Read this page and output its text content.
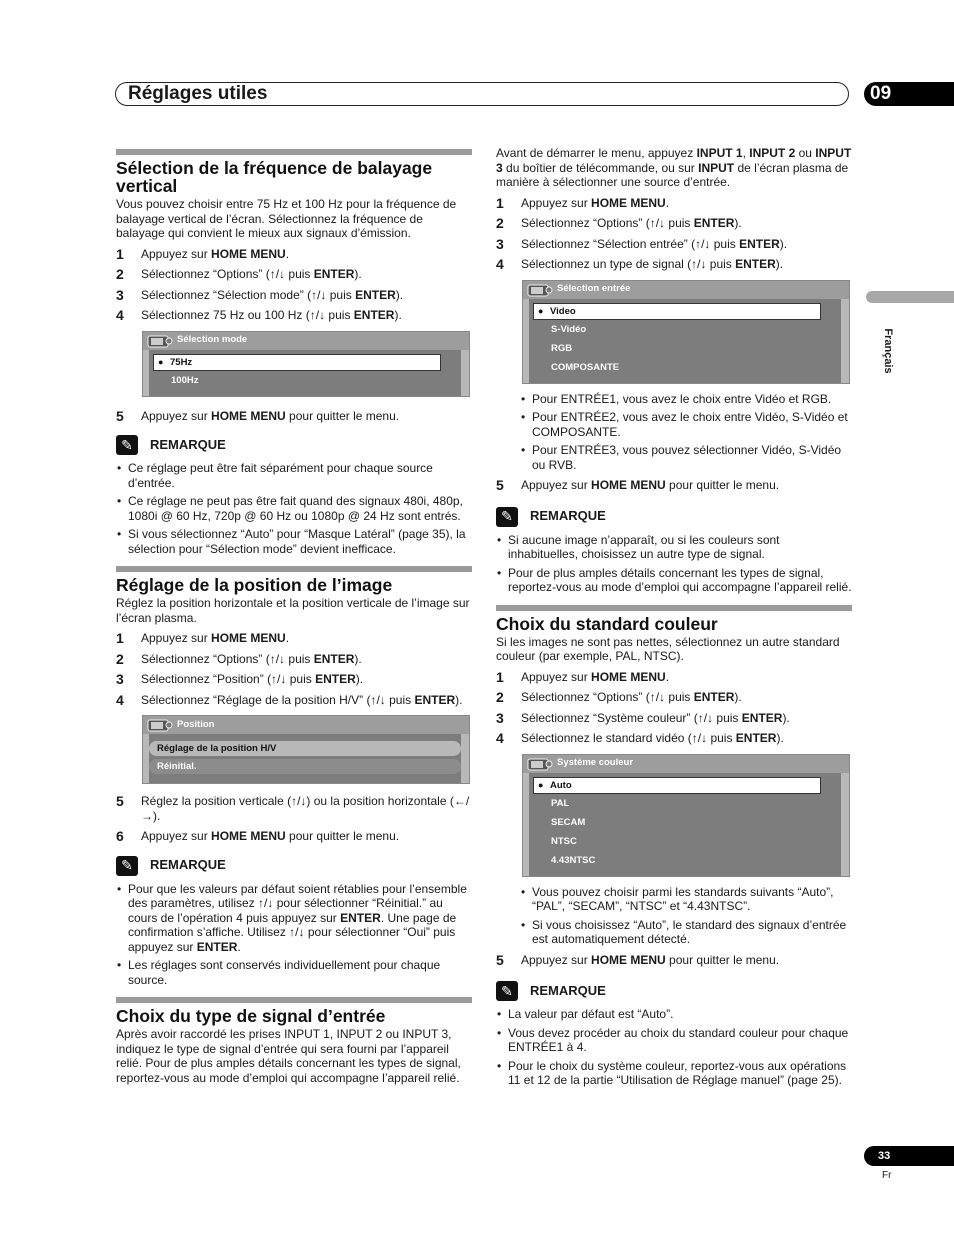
Réglages utiles	09
Français
33
Fr
Sélection de la fréquence de balayage vertical

Vous pouvez choisir entre 75 Hz et 100 Hz pour la fréquence de balayage vertical de l’écran. Sélectionnez la fréquence de balayage qui convient le mieux aux signaux d’émission.

1	Appuyez sur HOME MENU.
2	Sélectionnez “Options” (↑/↓ puis ENTER).
3	Sélectionnez “Sélection mode” (↑/↓ puis ENTER).
4	Sélectionnez 75 Hz ou 100 Hz (↑/↓ puis ENTER).
Sélection mode
● 75Hz
100Hz
5	Appuyez sur HOME MENU pour quitter le menu.
✎	REMARQUE
• Ce réglage peut être fait séparément pour chaque source d’entrée.
• Ce réglage ne peut pas être fait quand des signaux 480i, 480p, 1080i @ 60 Hz, 720p @ 60 Hz ou 1080p @ 24 Hz sont entrés.
• Si vous sélectionnez “Auto” pour “Masque Latéral” (page 35), la sélection pour “Sélection mode” devient inefficace.
Réglage de la position de l’image

Réglez la position horizontale et la position verticale de l’image sur l’écran plasma.

1	Appuyez sur HOME MENU.
2	Sélectionnez “Options” (↑/↓ puis ENTER).
3	Sélectionnez “Position” (↑/↓ puis ENTER).
4	Sélectionnez “Réglage de la position H/V” (↑/↓ puis ENTER).
Position
Réglage de la position H/V
Réinitial.
5	Réglez la position verticale (↑/↓) ou la position horizontale (←/→).
6	Appuyez sur HOME MENU pour quitter le menu.
✎	REMARQUE
• Pour que les valeurs par défaut soient rétablies pour l’ensemble des paramètres, utilisez ↑/↓ pour sélectionner “Réinitial.” au cours de l’opération 4 puis appuyez sur ENTER. Une page de confirmation s’affiche. Utilisez ↑/↓ pour sélectionner “Oui” puis appuyez sur ENTER.
• Les réglages sont conservés individuellement pour chaque source.
Choix du type de signal d’entrée

Après avoir raccordé les prises INPUT 1, INPUT 2 ou INPUT 3, indiquez le type de signal d’entrée qui sera fourni par l’appareil relié. Pour de plus amples détails concernant les types de signal, reportez-vous au mode d’emploi qui accompagne l’appareil relié.

Avant de démarrer le menu, appuyez INPUT 1, INPUT 2 ou INPUT 3 du boîtier de télécommande, ou sur INPUT de l’écran plasma de manière à sélectionner une source d’entrée.

1	Appuyez sur HOME MENU.
2	Sélectionnez “Options” (↑/↓ puis ENTER).
3	Sélectionnez “Sélection entrée” (↑/↓ puis ENTER).
4	Sélectionnez un type de signal (↑/↓ puis ENTER).
Sélection entrée
● Video
S-Vidéo
RGB
COMPOSANTE
• Pour ENTRÉE1, vous avez le choix entre Vidéo et RGB.
• Pour ENTRÉE2, vous avez le choix entre Vidéo, S-Vidéo et COMPOSANTE.
• Pour ENTRÉE3, vous pouvez sélectionner Vidéo, S-Vidéo ou RVB.
5	Appuyez sur HOME MENU pour quitter le menu.
✎	REMARQUE
• Si aucune image n’apparaît, ou si les couleurs sont inhabituelles, choisissez un autre type de signal.
• Pour de plus amples détails concernant les types de signal, reportez-vous au mode d’emploi qui accompagne l’appareil relié.
Choix du standard couleur

Si les images ne sont pas nettes, sélectionnez un autre standard couleur (par exemple, PAL, NTSC).

1	Appuyez sur HOME MENU.
2	Sélectionnez “Options” (↑/↓ puis ENTER).
3	Sélectionnez “Système couleur” (↑/↓ puis ENTER).
4	Sélectionnez le standard vidéo (↑/↓ puis ENTER).
Système couleur
● Auto
PAL
SECAM
NTSC
4.43NTSC
• Vous pouvez choisir parmi les standards suivants “Auto”, “PAL”, “SECAM”, “NTSC” et “4.43NTSC”.
• Si vous choisissez “Auto”, le standard des signaux d’entrée est automatiquement détecté.
5	Appuyez sur HOME MENU pour quitter le menu.
✎	REMARQUE
• La valeur par défaut est “Auto”.
• Vous devez procéder au choix du standard couleur pour chaque ENTRÉE1 à 4.
• Pour le choix du système couleur, reportez-vous aux opérations 11 et 12 de la partie “Utilisation de Réglage manuel” (page 25).
